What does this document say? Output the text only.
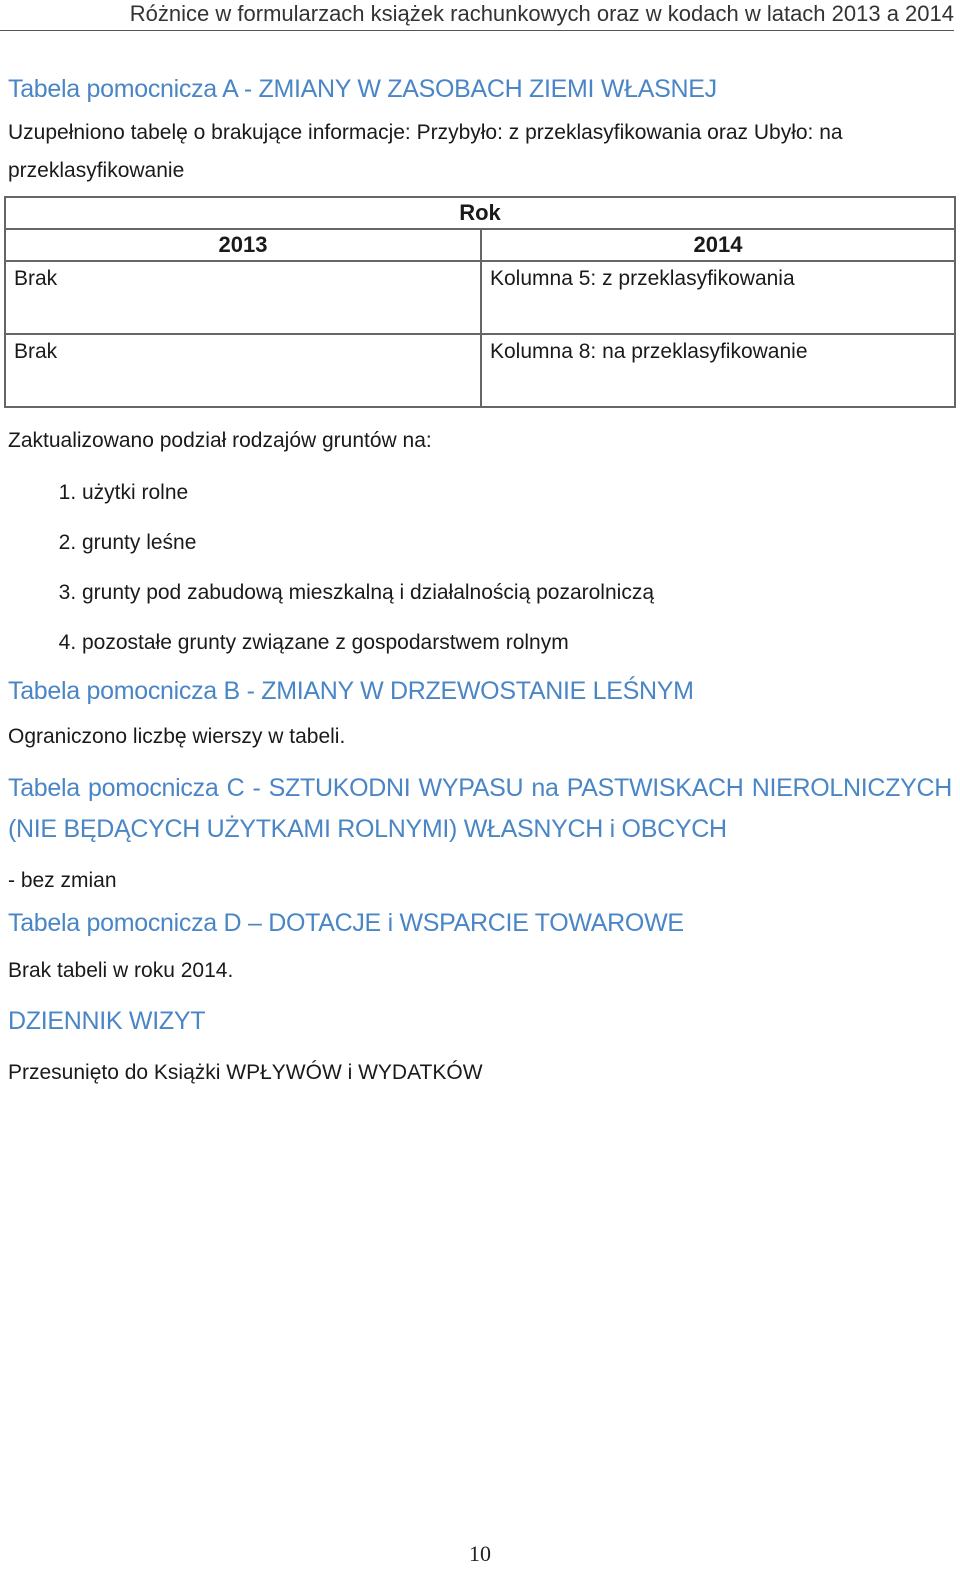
Różnice w formularzach książek rachunkowych oraz w kodach w latach 2013 a 2014
Tabela pomocnicza A - ZMIANY W ZASOBACH ZIEMI WŁASNEJ

Uzupełniono tabelę o brakujące informacje: Przybyło: z przeklasyfikowania oraz Ubyło: na przeklasyfikowanie

Rok	
2013	2014
Brak	Kolumna 5: z przeklasyfikowania
Brak	Kolumna 8: na przeklasyfikowanie

Zaktualizowano podział rodzajów gruntów na:

1. użytki rolne
2. grunty leśne
3. grunty pod zabudową mieszkalną i działalnością pozarolniczą
4. pozostałe grunty związane z gospodarstwem rolnym
Tabela pomocnicza B - ZMIANY W DRZEWOSTANIE LEŚNYM

Ograniczono liczbę wierszy w tabeli.

Tabela pomocnicza C - SZTUKODNI WYPASU na PASTWISKACH NIEROLNICZYCH (NIE BĘDĄCYCH UŻYTKAMI ROLNYMI) WŁASNYCH i OBCYCH

- bez zmian

Tabela pomocnicza D – DOTACJE i WSPARCIE TOWAROWE

Brak tabeli w roku 2014.

DZIENNIK WIZYT

Przesunięto do Książki WPŁYWÓW i WYDATKÓW

10
